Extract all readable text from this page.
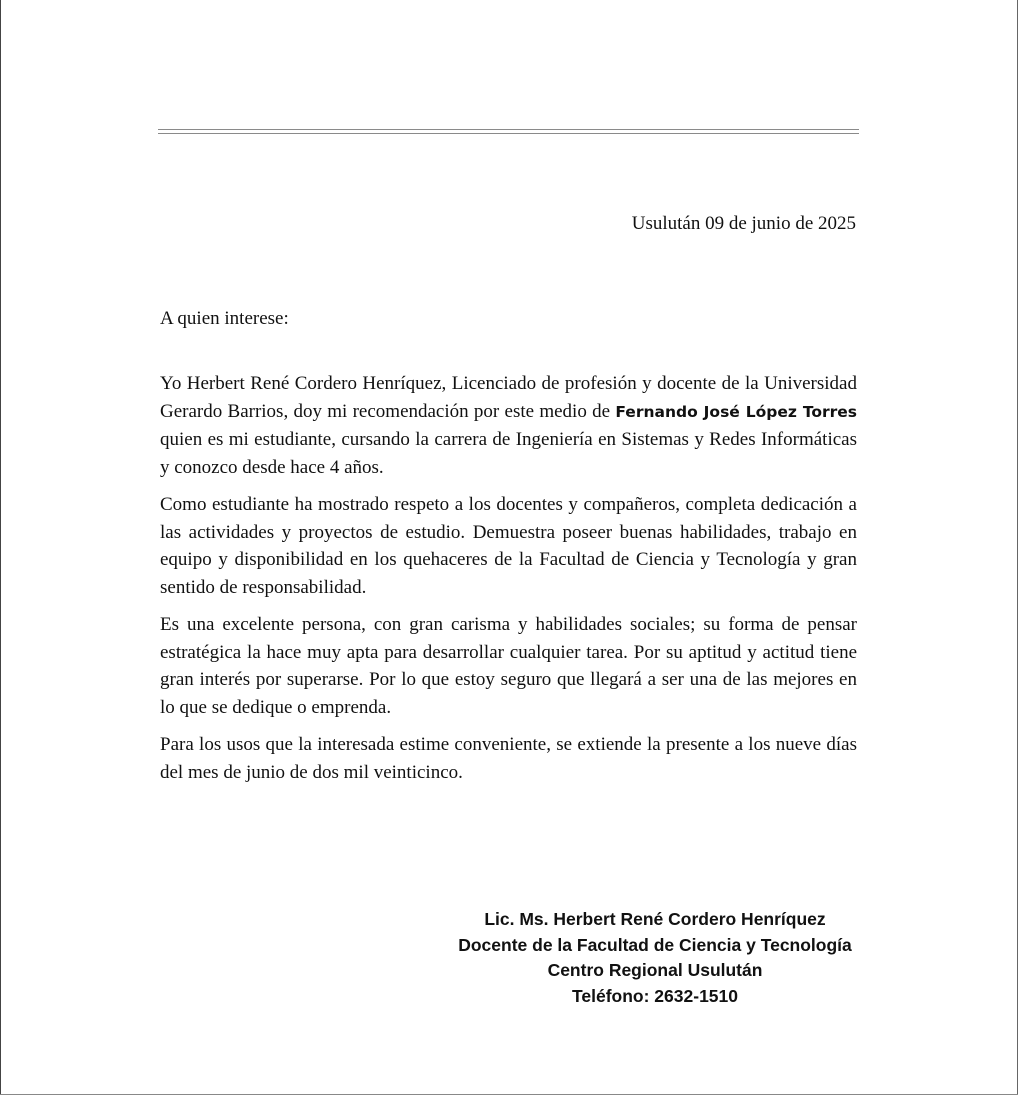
Usulután 09 de junio de 2025
A quien interese:

Yo Herbert René Cordero Henríquez, Licenciado de profesión y docente de la Universidad Gerardo Barrios, doy mi recomendación por este medio de Fernando José López Torres quien es mi estudiante, cursando la carrera de Ingeniería en Sistemas y Redes Informáticas y conozco desde hace 4 años.

Como estudiante ha mostrado respeto a los docentes y compañeros, completa dedicación a las actividades y proyectos de estudio. Demuestra poseer buenas habilidades, trabajo en equipo y disponibilidad en los quehaceres de la Facultad de Ciencia y Tecnología y gran sentido de responsabilidad.

Es una excelente persona, con gran carisma y habilidades sociales; su forma de pensar estratégica la hace muy apta para desarrollar cualquier tarea. Por su aptitud y actitud tiene gran interés por superarse. Por lo que estoy seguro que llegará a ser una de las mejores en lo que se dedique o emprenda.

Para los usos que la interesada estime conveniente, se extiende la presente a los nueve días del mes de junio de dos mil veinticinco.

Lic. Ms. Herbert René Cordero Henríquez
Docente de la Facultad de Ciencia y Tecnología
Centro Regional Usulután
Teléfono: 2632-1510
